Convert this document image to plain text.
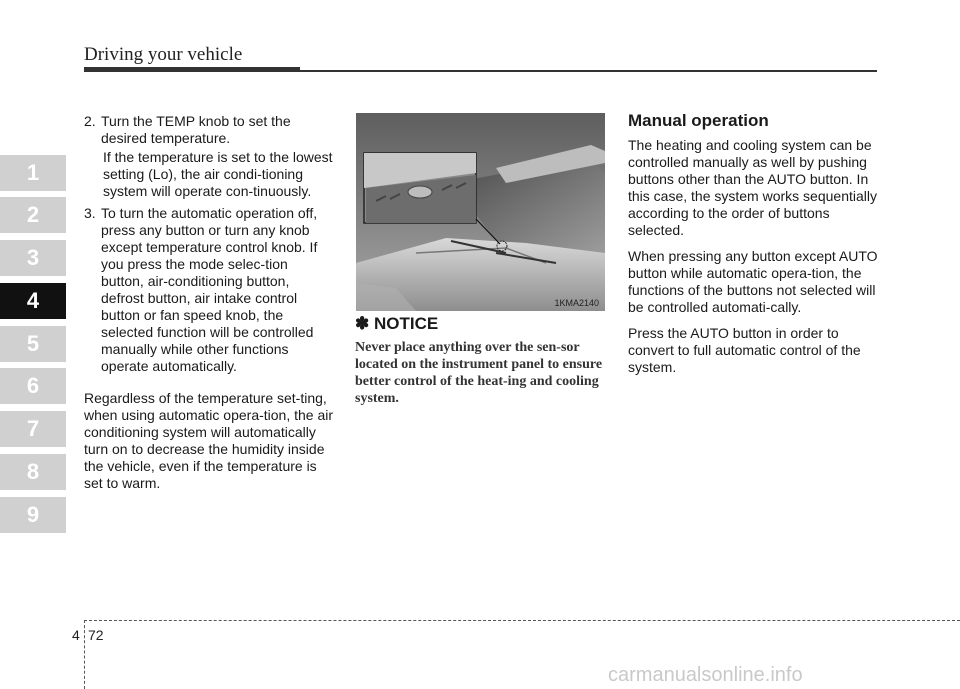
Driving your vehicle
1
2
3
4
5
6
7
8
9
2. Turn the TEMP knob to set the desired temperature.

If the temperature is set to the lowest setting (Lo), the air condi-tioning system will operate con-tinuously.

3. To turn the automatic operation off, press any button or turn any knob except temperature control knob. If you press the mode selec-tion button, air-conditioning button, defrost button, air intake control button or fan speed knob, the selected function will be controlled manually while other functions operate automatically.

Regardless of the temperature set-ting, when using automatic opera-tion, the air conditioning system will automatically turn on to decrease the humidity inside the vehicle, even if the temperature is set to warm.

1KMA2140
✽ NOTICE

Never place anything over the sen-sor located on the instrument panel to ensure better control of the heat-ing and cooling system.

Manual operation

The heating and cooling system can be controlled manually as well by pushing buttons other than the AUTO button. In this case, the system works sequentially according to the order of buttons selected.

When pressing any button except AUTO button while automatic opera-tion, the functions of the buttons not selected will be controlled automati-cally.

Press the AUTO button in order to convert to full automatic control of the system.

4 72
carmanualsonline.info
